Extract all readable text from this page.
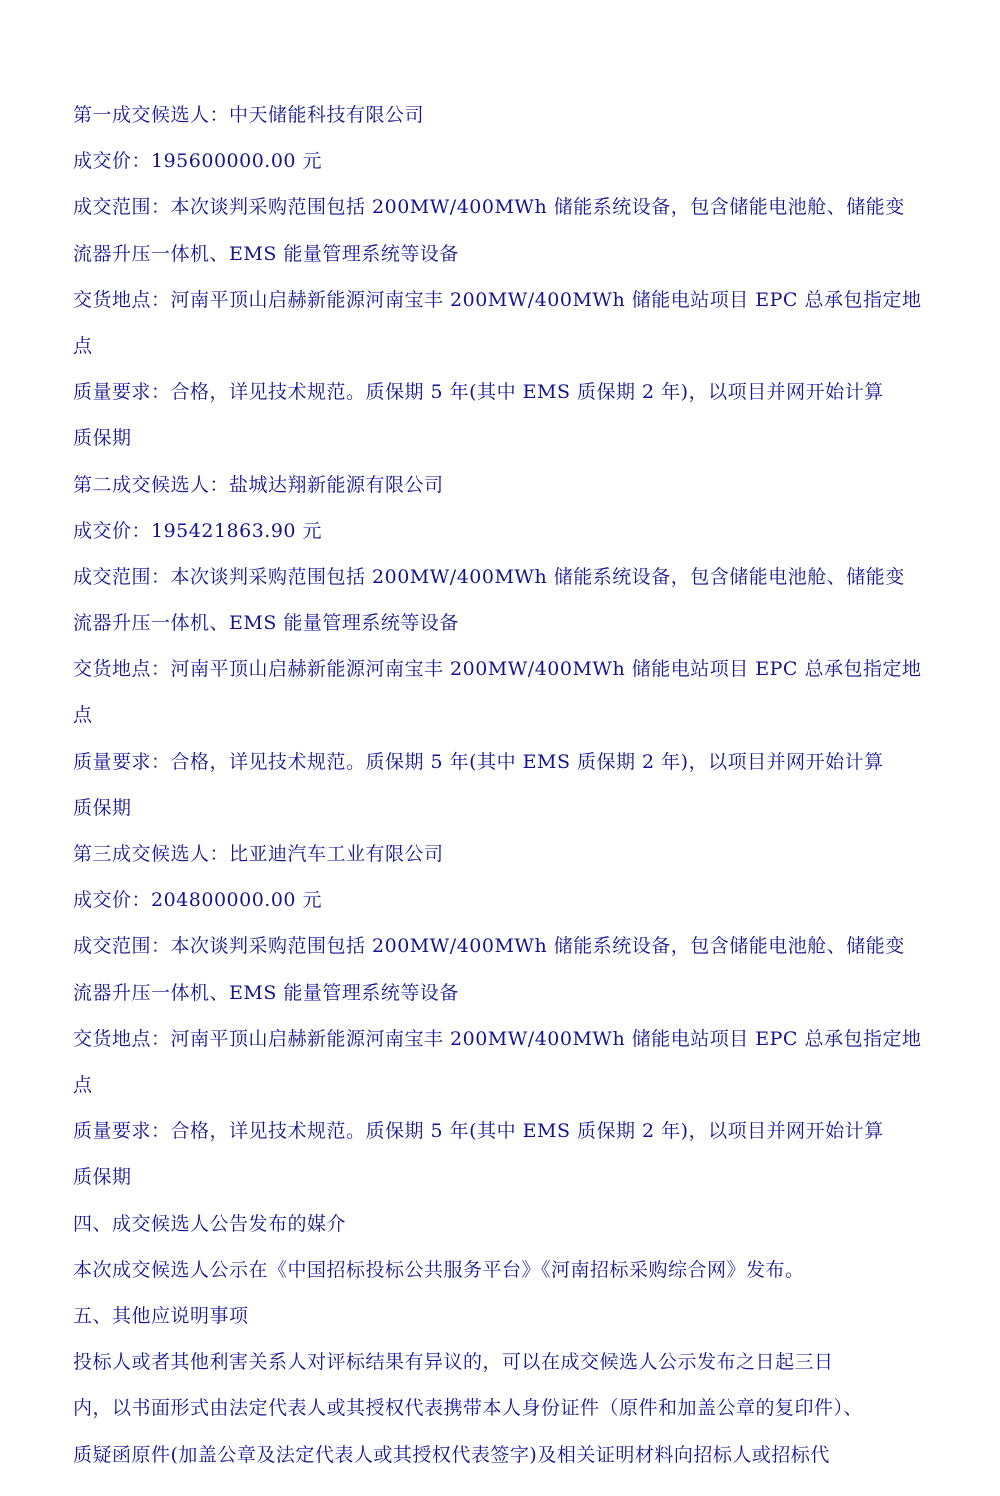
第一成交候选人：中天储能科技有限公司
成交价：195600000.00 元
成交范围：本次谈判采购范围包括 200MW/400MWh 储能系统设备，包含储能电池舱、储能变
流器升压一体机、EMS 能量管理系统等设备
交货地点：河南平顶山启赫新能源河南宝丰 200MW/400MWh 储能电站项目 EPC 总承包指定地
点
质量要求：合格，详见技术规范。质保期 5 年(其中 EMS 质保期 2 年)，以项目并网开始计算
质保期
第二成交候选人：盐城达翔新能源有限公司
成交价：195421863.90 元
成交范围：本次谈判采购范围包括 200MW/400MWh 储能系统设备，包含储能电池舱、储能变
流器升压一体机、EMS 能量管理系统等设备
交货地点：河南平顶山启赫新能源河南宝丰 200MW/400MWh 储能电站项目 EPC 总承包指定地
点
质量要求：合格，详见技术规范。质保期 5 年(其中 EMS 质保期 2 年)，以项目并网开始计算
质保期
第三成交候选人：比亚迪汽车工业有限公司
成交价：204800000.00 元
成交范围：本次谈判采购范围包括 200MW/400MWh 储能系统设备，包含储能电池舱、储能变
流器升压一体机、EMS 能量管理系统等设备
交货地点：河南平顶山启赫新能源河南宝丰 200MW/400MWh 储能电站项目 EPC 总承包指定地
点
质量要求：合格，详见技术规范。质保期 5 年(其中 EMS 质保期 2 年)，以项目并网开始计算
质保期
四、成交候选人公告发布的媒介
本次成交候选人公示在《中国招标投标公共服务平台》《河南招标采购综合网》发布。
五、其他应说明事项
投标人或者其他利害关系人对评标结果有异议的，可以在成交候选人公示发布之日起三日
内，以书面形式由法定代表人或其授权代表携带本人身份证件（原件和加盖公章的复印件）、
质疑函原件(加盖公章及法定代表人或其授权代表签字)及相关证明材料向招标人或招标代
